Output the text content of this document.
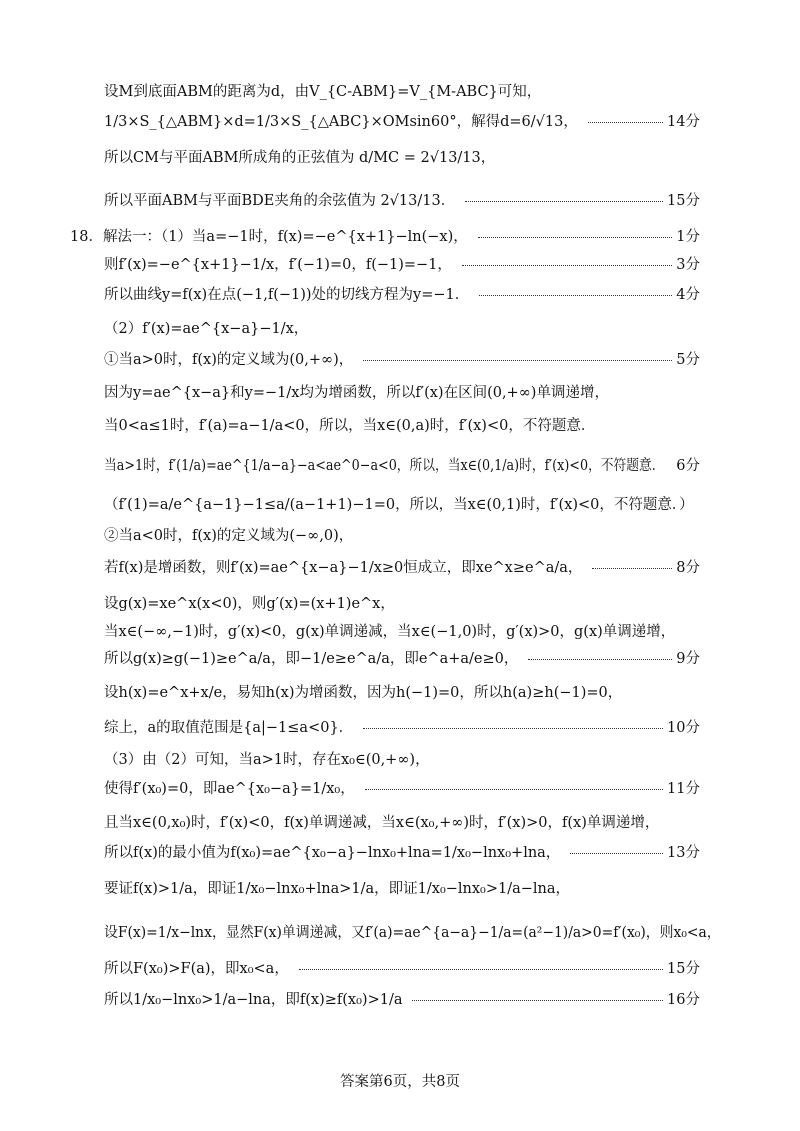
设M到底面ABM的距离为d，由V_{C-ABM}=V_{M-ABC}可知，
1/3×S_{△ABM}×d=1/3×S_{△ABC}×OMsin60°，解得d=6/√13，	14分
所以CM与平面ABM所成角的正弦值为 d/MC = 2√13/13，
所以平面ABM与平面BDE夹角的余弦值为 2√13/13．	15分
18．解法一：（1）当a=−1时，f(x)=−e^{x+1}−ln(−x)，	1分
则f′(x)=−e^{x+1}−1/x，f′(−1)=0，f(−1)=−1，	3分
所以曲线y=f(x)在点(−1,f(−1))处的切线方程为y=−1．	4分
（2）f′(x)=ae^{x−a}−1/x，
①当a>0时，f(x)的定义域为(0,+∞)，	5分
因为y=ae^{x−a}和y=−1/x均为增函数，所以f′(x)在区间(0,+∞)单调递增，
当0<a≤1时，f′(a)=a−1/a<0，所以，当x∈(0,a)时，f′(x)<0，不符题意．
当a>1时，f′(1/a)=ae^{1/a−a}−a<ae^0−a<0，所以，当x∈(0,1/a)时，f′(x)<0，不符题意． 6分
（f′(1)=a/e^{a−1}−1≤a/(a−1+1)−1=0，所以，当x∈(0,1)时，f′(x)<0，不符题意．）
②当a<0时，f(x)的定义域为(−∞,0)，
若f(x)是增函数，则f′(x)=ae^{x−a}−1/x≥0恒成立，即xe^x≥e^a/a，	8分
设g(x)=xe^x(x<0)，则g′(x)=(x+1)e^x，
当x∈(−∞,−1)时，g′(x)<0，g(x)单调递减，当x∈(−1,0)时，g′(x)>0，g(x)单调递增，
所以g(x)≥g(−1)≥e^a/a，即−1/e≥e^a/a，即e^a+a/e≥0，	9分
设h(x)=e^x+x/e，易知h(x)为增函数，因为h(−1)=0，所以h(a)≥h(−1)=0，
综上，a的取值范围是{a|−1≤a<0}．	10分
（3）由（2）可知，当a>1时，存在x₀∈(0,+∞)，
使得f′(x₀)=0，即ae^{x₀−a}=1/x₀，	11分
且当x∈(0,x₀)时，f′(x)<0，f(x)单调递减，当x∈(x₀,+∞)时，f′(x)>0，f(x)单调递增，
所以f(x)的最小值为f(x₀)=ae^{x₀−a}−lnx₀+lna=1/x₀−lnx₀+lna，	13分
要证f(x)>1/a，即证1/x₀−lnx₀+lna>1/a，即证1/x₀−lnx₀>1/a−lna，
设F(x)=1/x−lnx，显然F(x)单调递减，又f′(a)=ae^{a−a}−1/a=(a²−1)/a>0=f′(x₀)，则x₀<a，
所以F(x₀)>F(a)，即x₀<a，	15分
所以1/x₀−lnx₀>1/a−lna，即f(x)≥f(x₀)>1/a	16分
答案第6页，共8页
